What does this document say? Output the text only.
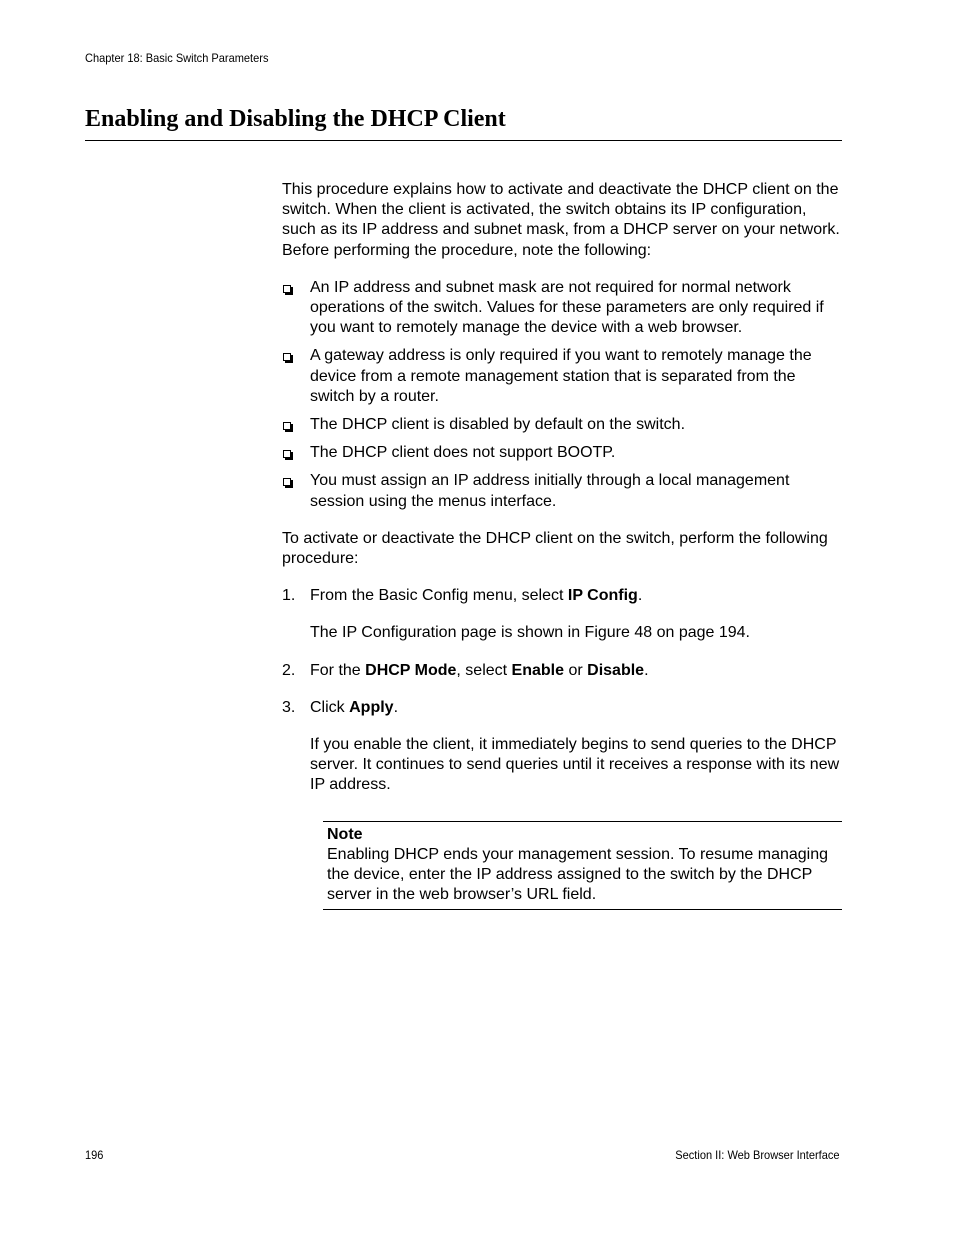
Chapter 18: Basic Switch Parameters
Enabling and Disabling the DHCP Client

This procedure explains how to activate and deactivate the DHCP client on the switch. When the client is activated, the switch obtains its IP configuration, such as its IP address and subnet mask, from a DHCP server on your network. Before performing the procedure, note the following:

An IP address and subnet mask are not required for normal network operations of the switch. Values for these parameters are only required if you want to remotely manage the device with a web browser.
A gateway address is only required if you want to remotely manage the device from a remote management station that is separated from the switch by a router.
The DHCP client is disabled by default on the switch.
The DHCP client does not support BOOTP.
You must assign an IP address initially through a local management session using the menus interface.

To activate or deactivate the DHCP client on the switch, perform the following procedure:

1. From the Basic Config menu, select IP Config.

The IP Configuration page is shown in Figure 48 on page 194.

2. For the DHCP Mode, select Enable or Disable.

3. Click Apply.

If you enable the client, it immediately begins to send queries to the DHCP server. It continues to send queries until it receives a response with its new IP address.

Note
Enabling DHCP ends your management session. To resume managing the device, enter the IP address assigned to the switch by the DHCP server in the web browser’s URL field.
196	Section II: Web Browser Interface
